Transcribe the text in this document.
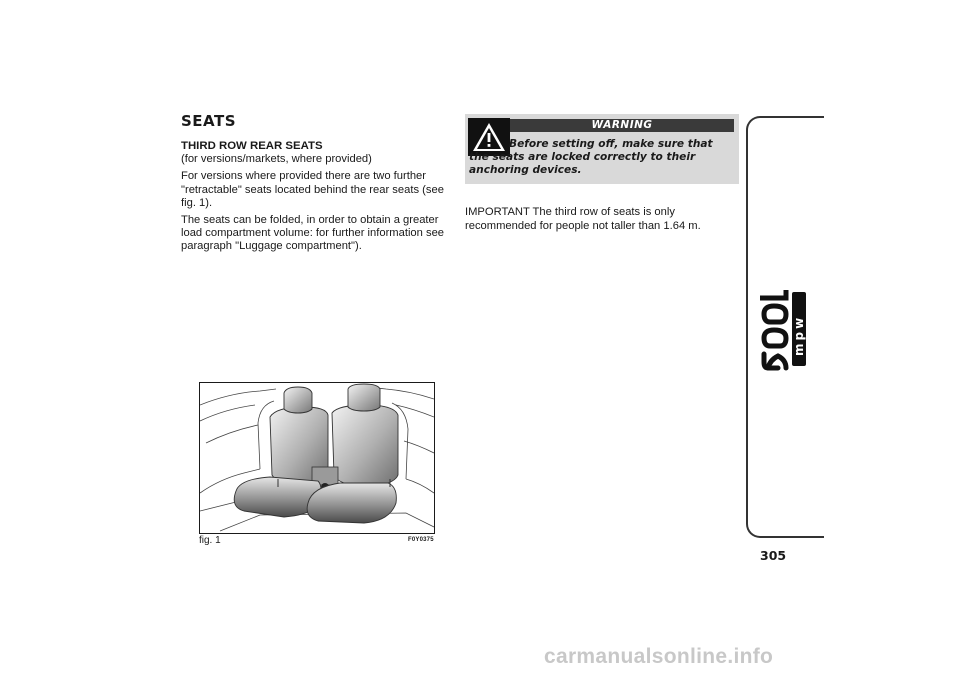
SEATS

THIRD ROW REAR SEATS

(for versions/markets, where provided)

For versions where provided there are two further "retractable" seats located behind the rear seats (see fig. 1).

The seats can be folded, in order to obtain a greater load compartment volume: for further information see paragraph "Luggage compartment").

WARNING
Before setting off, make sure that the seats are locked correctly to their anchoring devices.
IMPORTANT The third row of seats is only recommended for people not taller than 1.64 m.
fig. 1	F0Y0375
mpw
305
carmanualsonline.info
